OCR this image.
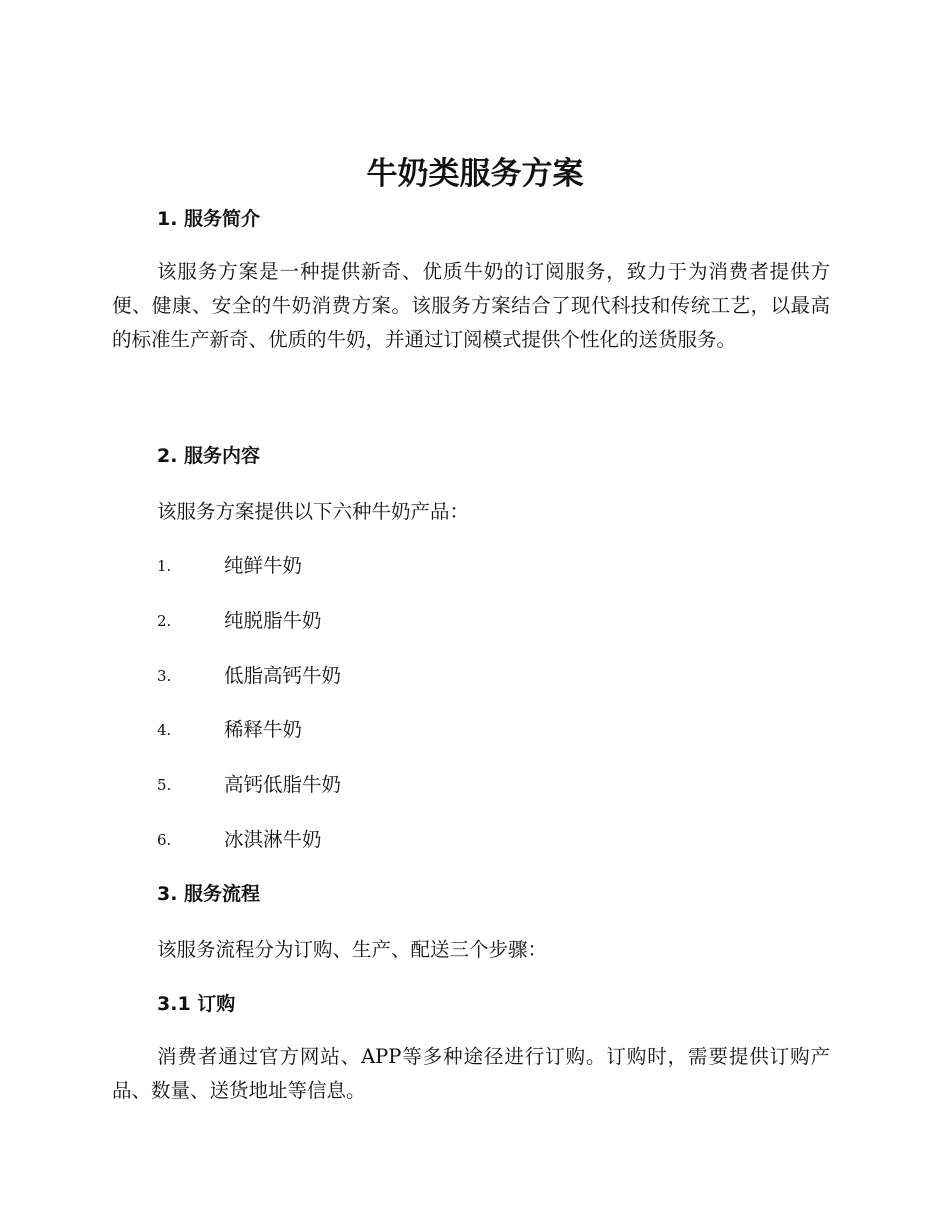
牛奶类服务方案
1. 服务简介

该服务方案是一种提供新奇、优质牛奶的订阅服务，致力于为消费者提供方便、健康、安全的牛奶消费方案。该服务方案结合了现代科技和传统工艺，以最高的标准生产新奇、优质的牛奶，并通过订阅模式提供个性化的送货服务。

2. 服务内容

该服务方案提供以下六种牛奶产品：

1.	纯鲜牛奶
2.	纯脱脂牛奶
3.	低脂高钙牛奶
4.	稀释牛奶
5.	高钙低脂牛奶
6.	冰淇淋牛奶
3. 服务流程

该服务流程分为订购、生产、配送三个步骤：

3.1 订购

消费者通过官方网站、APP等多种途径进行订购。订购时，需要提供订购产品、数量、送货地址等信息。
